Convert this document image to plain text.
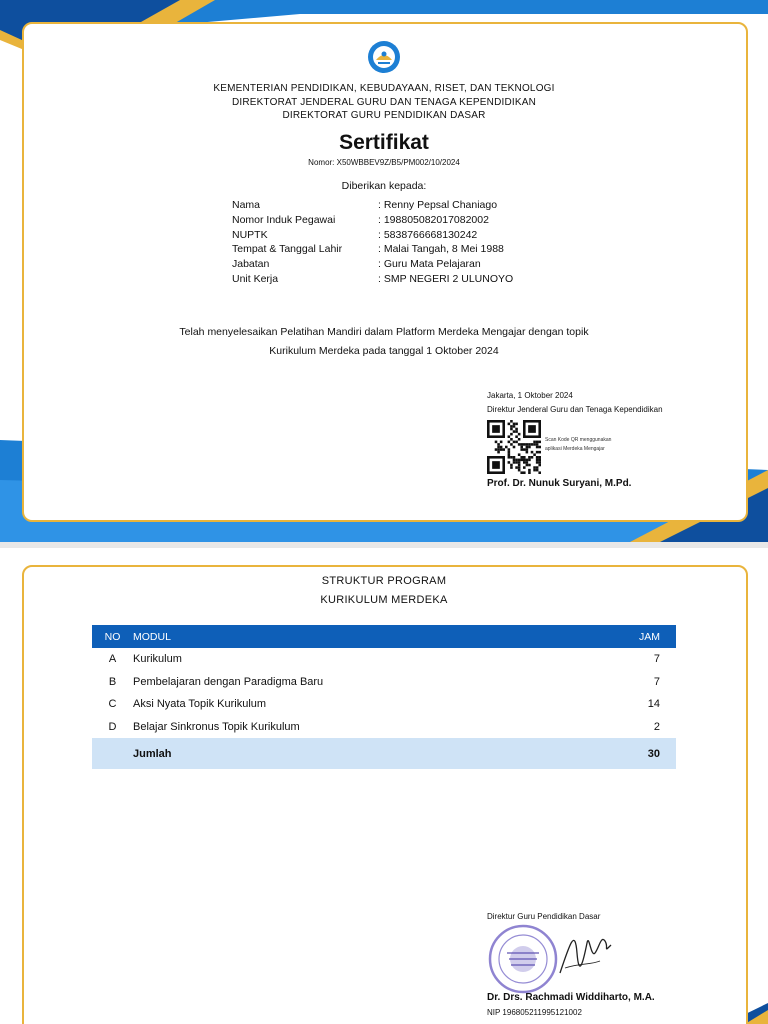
KEMENTERIAN PENDIDIKAN, KEBUDAYAAN, RISET, DAN TEKNOLOGI
DIREKTORAT JENDERAL GURU DAN TENAGA KEPENDIDIKAN
DIREKTORAT GURU PENDIDIKAN DASAR
Sertifikat
Nomor: X50WBBEV9Z/B5/PM002/10/2024
Diberikan kepada:
Nama	: Renny Pepsal Chaniago
Nomor Induk Pegawai	: 198805082017082002
NUPTK	: 5838766668130242
Tempat & Tanggal Lahir	: Malai Tangah, 8 Mei 1988
Jabatan	: Guru Mata Pelajaran
Unit Kerja	: SMP NEGERI 2 ULUNOYO
Telah menyelesaikan Pelatihan Mandiri dalam Platform Merdeka Mengajar dengan topik
Kurikulum Merdeka pada tanggal 1 Oktober 2024
Jakarta, 1 Oktober 2024
Direktur Jenderal Guru dan Tenaga Kependidikan
Scan Kode QR menggunakan
aplikasi Merdeka Mengajar
Prof. Dr. Nunuk Suryani, M.Pd.
STRUKTUR PROGRAM
KURIKULUM MERDEKA
NO	MODUL	JAM
A	Kurikulum	7
B	Pembelajaran dengan Paradigma Baru	7
C	Aksi Nyata Topik Kurikulum	14
D	Belajar Sinkronus Topik Kurikulum	2
	Jumlah	30
Direktur Guru Pendidikan Dasar
Dr. Drs. Rachmadi Widdiharto, M.A.
NIP 196805211995121002
